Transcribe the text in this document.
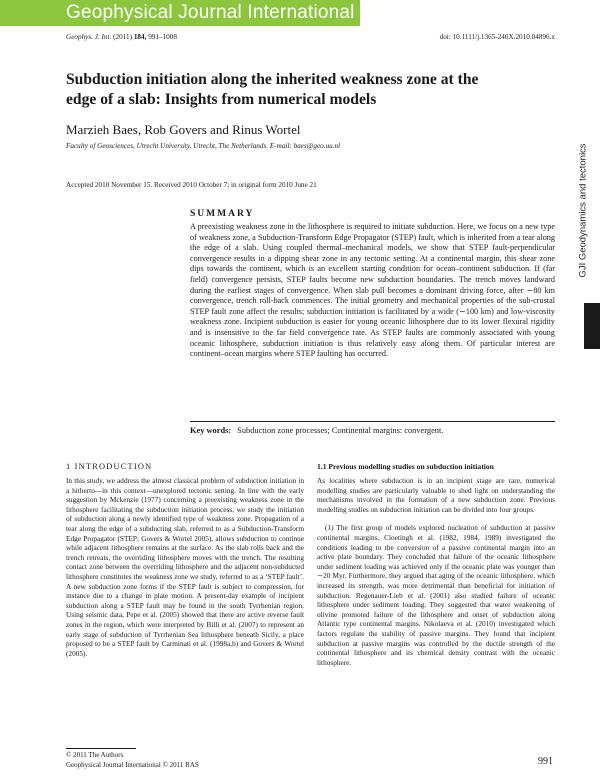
Geophysical Journal International
Geophys. J. Int. (2011) 184, 991–1008	doi: 10.1111/j.1365-246X.2010.04896.x
Subduction initiation along the inherited weakness zone at the edge of a slab: Insights from numerical models
Marzieh Baes, Rob Govers and Rinus Wortel
Faculty of Geosciences, Utrecht University, Utrecht, The Netherlands. E-mail: baes@geo.uu.nl
Accepted 2010 November 15. Received 2010 October 7; in original form 2010 June 21	GJI Geodynamics and tectonics
SUMMARY

A preexisting weakness zone in the lithosphere is required to initiate subduction. Here, we focus on a new type of weakness zone, a Subduction-Transform Edge Propagator (STEP) fault, which is inherited from a tear along the edge of a slab. Using coupled thermal–mechanical models, we show that STEP fault-perpendicular convergence results in a dipping shear zone in any tectonic setting. At a continental margin, this shear zone dips towards the continent, which is an excellent starting condition for ocean–continent subduction. If (far field) convergence persists, STEP faults become new subduction boundaries. The trench moves landward during the earliest stages of convergence. When slab pull becomes a dominant driving force, after ∼80 km convergence, trench roll-back commences. The initial geometry and mechanical properties of the sub-crustal STEP fault zone affect the results; subduction initiation is facilitated by a wide (∼100 km) and low-viscosity weakness zone. Incipient subduction is easier for young oceanic lithosphere due to its lower flexural rigidity and is insensitive to the far field convergence rate. As STEP faults are commonly associated with young oceanic lithosphere, subduction initiation is thus relatively easy along them. Of particular interest are continent–ocean margins where STEP faulting has occurred.

Key words: Subduction zone processes; Continental margins: convergent.
1 INTRODUCTION

In this study, we address the almost classical problem of subduction initiation in a hitherto—in this context—unexplored tectonic setting. In line with the early suggestion by Mckenzie (1977) concerning a preexisting weakness zone in the lithosphere facilitating the subduction initiation process, we study the initiation of subduction along a newly identified type of weakness zone. Propagation of a tear along the edge of a subducting slab, referred to as a Subduction-Transform Edge Propagator (STEP; Govers & Wortel 2005), allows subduction to continue while adjacent lithosphere remains at the surface. As the slab rolls back and the trench retreats, the overriding lithosphere moves with the trench. The resulting contact zone between the overriding lithosphere and the adjacent non-subducted lithosphere constitutes the weakness zone we study, referred to as a ‘STEP fault’. A new subduction zone forms if the STEP fault is subject to compression, for instance due to a change in plate motion. A present-day example of incipient subduction along a STEP fault may be found in the south Tyrrhenian region. Using seismic data, Pepe et al. (2005) showed that there are active reverse fault zones in the region, which were interpreted by Billi et al. (2007) to represent an early stage of subduction of Tyrrhenian Sea lithosphere beneath Sicily, a place proposed to be a STEP fault by Carminati et al. (1998a,b) and Govers & Wortel (2005).

1.1 Previous modelling studies on subduction initiation

As localities where subduction is in an incipient stage are rare, numerical modelling studies are particularly valuable to shed light on understanding the mechanisms involved in the formation of a new subduction zone. Previous modelling studies on subduction initiation can be divided into four groups.

(1) The first group of models explored nucleation of subduction at passive continental margins. Cloetingh et al. (1982, 1984, 1989) investigated the conditions leading to the conversion of a passive continental margin into an active plate boundary. They concluded that failure of the oceanic lithosphere under sediment loading was achieved only if the oceanic plate was younger than ∼20 Myr. Furthermore, they argued that aging of the oceanic lithosphere, which increased its strength, was more detrimental than beneficial for initiation of subduction. Regenauer-Lieb et al. (2001) also studied failure of oceanic lithosphere under sediment loading. They suggested that water weakening of olivine promoted failure of the lithosphere and onset of subduction along Atlantic type continental margins. Nikolaeva et al. (2010) investigated which factors regulate the stability of passive margins. They found that incipient subduction at passive margins was controlled by the ductile strength of the continental lithosphere and its chemical density contrast with the oceanic lithosphere.

© 2011 The Authors
Geophysical Journal International © 2011 RAS	991
